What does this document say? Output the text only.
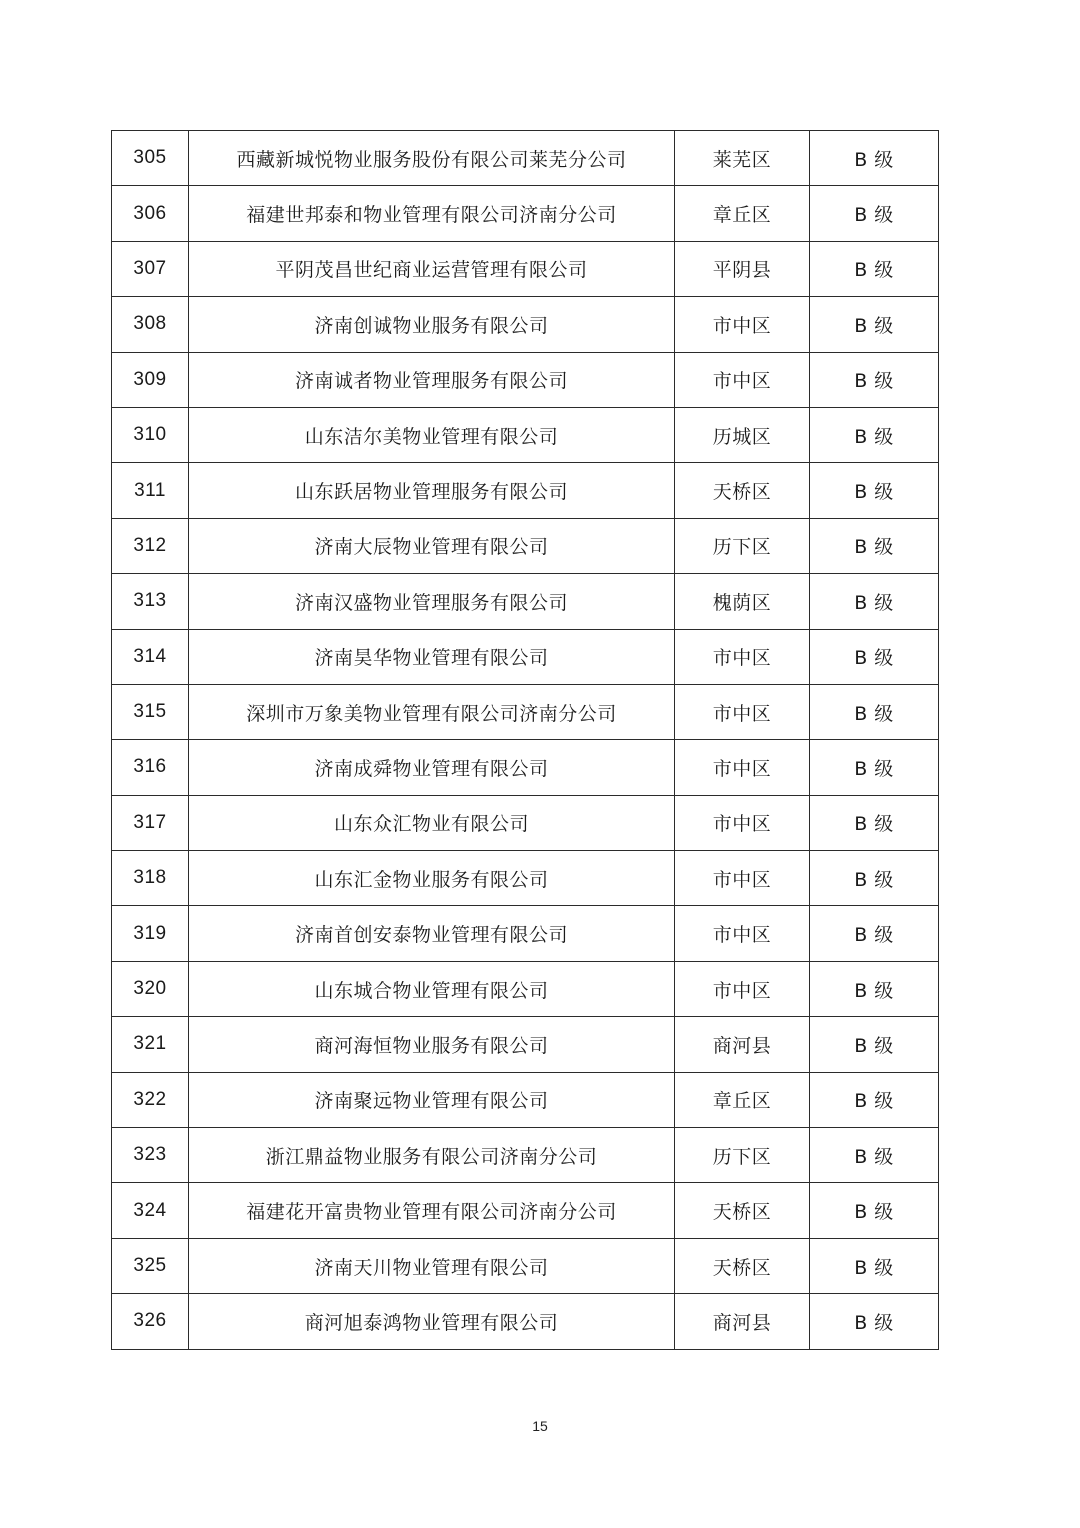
305	西藏新城悦物业服务股份有限公司莱芜分公司	莱芜区	B 级
306	福建世邦泰和物业管理有限公司济南分公司	章丘区	B 级
307	平阴茂昌世纪商业运营管理有限公司	平阴县	B 级
308	济南创诚物业服务有限公司	市中区	B 级
309	济南诚者物业管理服务有限公司	市中区	B 级
310	山东洁尔美物业管理有限公司	历城区	B 级
311	山东跃居物业管理服务有限公司	天桥区	B 级
312	济南大辰物业管理有限公司	历下区	B 级
313	济南汉盛物业管理服务有限公司	槐荫区	B 级
314	济南昊华物业管理有限公司	市中区	B 级
315	深圳市万象美物业管理有限公司济南分公司	市中区	B 级
316	济南成舜物业管理有限公司	市中区	B 级
317	山东众汇物业有限公司	市中区	B 级
318	山东汇金物业服务有限公司	市中区	B 级
319	济南首创安泰物业管理有限公司	市中区	B 级
320	山东城合物业管理有限公司	市中区	B 级
321	商河海恒物业服务有限公司	商河县	B 级
322	济南聚远物业管理有限公司	章丘区	B 级
323	浙江鼎益物业服务有限公司济南分公司	历下区	B 级
324	福建花开富贵物业管理有限公司济南分公司	天桥区	B 级
325	济南天川物业管理有限公司	天桥区	B 级
326	商河旭泰鸿物业管理有限公司	商河县	B 级
15
